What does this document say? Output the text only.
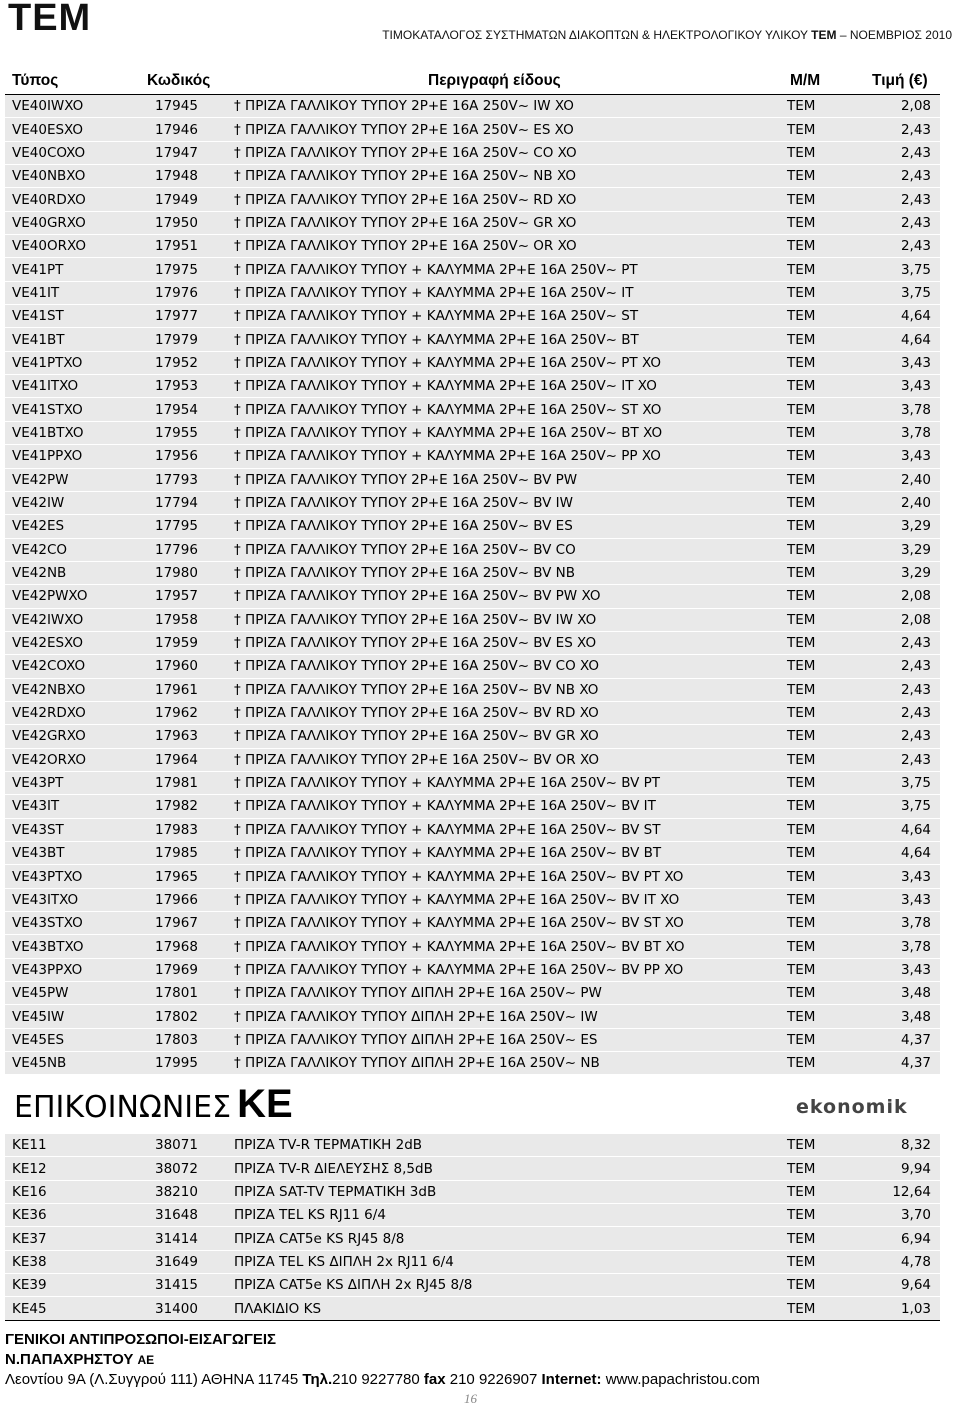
TEM	ΤΙΜΟΚΑΤΑΛΟΓΟΣ ΣΥΣΤΗΜΑΤΩΝ ΔΙΑΚΟΠΤΩΝ & ΗΛΕΚΤΡΟΛΟΓΙΚΟΥ ΥΛΙΚΟΥ TEM – ΝΟΕΜΒΡΙΟΣ 2010
Τύπος	Κωδικός	Περιγραφή είδους	Μ/Μ	Τιμή (€)
VE40IWXO	17945	† ΠΡΙΖΑ ΓΑΛΛΙΚΟΥ ΤΥΠΟΥ 2P+E 16A 250V~ IW XO	TEM	2,08
VE40ESXO	17946	† ΠΡΙΖΑ ΓΑΛΛΙΚΟΥ ΤΥΠΟΥ 2P+E 16A 250V~ ES XO	TEM	2,43
VE40COXO	17947	† ΠΡΙΖΑ ΓΑΛΛΙΚΟΥ ΤΥΠΟΥ 2P+E 16A 250V~ CO XO	TEM	2,43
VE40NBXO	17948	† ΠΡΙΖΑ ΓΑΛΛΙΚΟΥ ΤΥΠΟΥ 2P+E 16A 250V~ NB XO	TEM	2,43
VE40RDXO	17949	† ΠΡΙΖΑ ΓΑΛΛΙΚΟΥ ΤΥΠΟΥ 2P+E 16A 250V~ RD XO	TEM	2,43
VE40GRXO	17950	† ΠΡΙΖΑ ΓΑΛΛΙΚΟΥ ΤΥΠΟΥ 2P+E 16A 250V~ GR XO	TEM	2,43
VE40ORXO	17951	† ΠΡΙΖΑ ΓΑΛΛΙΚΟΥ ΤΥΠΟΥ 2P+E 16A 250V~ OR XO	TEM	2,43
VE41PT	17975	† ΠΡΙΖΑ ΓΑΛΛΙΚΟΥ ΤΥΠΟΥ + ΚΑΛΥΜΜΑ 2P+E 16A 250V~ PT	TEM	3,75
VE41IT	17976	† ΠΡΙΖΑ ΓΑΛΛΙΚΟΥ ΤΥΠΟΥ + ΚΑΛΥΜΜΑ 2P+E 16A 250V~ IT	TEM	3,75
VE41ST	17977	† ΠΡΙΖΑ ΓΑΛΛΙΚΟΥ ΤΥΠΟΥ + ΚΑΛΥΜΜΑ 2P+E 16A 250V~ ST	TEM	4,64
VE41BT	17979	† ΠΡΙΖΑ ΓΑΛΛΙΚΟΥ ΤΥΠΟΥ + ΚΑΛΥΜΜΑ 2P+E 16A 250V~ BT	TEM	4,64
VE41PTXO	17952	† ΠΡΙΖΑ ΓΑΛΛΙΚΟΥ ΤΥΠΟΥ + ΚΑΛΥΜΜΑ 2P+E 16A 250V~ PT XO	TEM	3,43
VE41ITXO	17953	† ΠΡΙΖΑ ΓΑΛΛΙΚΟΥ ΤΥΠΟΥ + ΚΑΛΥΜΜΑ 2P+E 16A 250V~ IT XO	TEM	3,43
VE41STXO	17954	† ΠΡΙΖΑ ΓΑΛΛΙΚΟΥ ΤΥΠΟΥ + ΚΑΛΥΜΜΑ 2P+E 16A 250V~ ST XO	TEM	3,78
VE41BTXO	17955	† ΠΡΙΖΑ ΓΑΛΛΙΚΟΥ ΤΥΠΟΥ + ΚΑΛΥΜΜΑ 2P+E 16A 250V~ BT XO	TEM	3,78
VE41PPXO	17956	† ΠΡΙΖΑ ΓΑΛΛΙΚΟΥ ΤΥΠΟΥ + ΚΑΛΥΜΜΑ 2P+E 16A 250V~ PP XO	TEM	3,43
VE42PW	17793	† ΠΡΙΖΑ ΓΑΛΛΙΚΟΥ ΤΥΠΟΥ 2P+E 16A 250V~ BV PW	TEM	2,40
VE42IW	17794	† ΠΡΙΖΑ ΓΑΛΛΙΚΟΥ ΤΥΠΟΥ 2P+E 16A 250V~ BV IW	TEM	2,40
VE42ES	17795	† ΠΡΙΖΑ ΓΑΛΛΙΚΟΥ ΤΥΠΟΥ 2P+E 16A 250V~ BV ES	TEM	3,29
VE42CO	17796	† ΠΡΙΖΑ ΓΑΛΛΙΚΟΥ ΤΥΠΟΥ 2P+E 16A 250V~ BV CO	TEM	3,29
VE42NB	17980	† ΠΡΙΖΑ ΓΑΛΛΙΚΟΥ ΤΥΠΟΥ 2P+E 16A 250V~ BV NB	TEM	3,29
VE42PWXO	17957	† ΠΡΙΖΑ ΓΑΛΛΙΚΟΥ ΤΥΠΟΥ 2P+E 16A 250V~ BV PW XO	TEM	2,08
VE42IWXO	17958	† ΠΡΙΖΑ ΓΑΛΛΙΚΟΥ ΤΥΠΟΥ 2P+E 16A 250V~ BV IW XO	TEM	2,08
VE42ESXO	17959	† ΠΡΙΖΑ ΓΑΛΛΙΚΟΥ ΤΥΠΟΥ 2P+E 16A 250V~ BV ES XO	TEM	2,43
VE42COXO	17960	† ΠΡΙΖΑ ΓΑΛΛΙΚΟΥ ΤΥΠΟΥ 2P+E 16A 250V~ BV CO XO	TEM	2,43
VE42NBXO	17961	† ΠΡΙΖΑ ΓΑΛΛΙΚΟΥ ΤΥΠΟΥ 2P+E 16A 250V~ BV NB XO	TEM	2,43
VE42RDXO	17962	† ΠΡΙΖΑ ΓΑΛΛΙΚΟΥ ΤΥΠΟΥ 2P+E 16A 250V~ BV RD XO	TEM	2,43
VE42GRXO	17963	† ΠΡΙΖΑ ΓΑΛΛΙΚΟΥ ΤΥΠΟΥ 2P+E 16A 250V~ BV GR XO	TEM	2,43
VE42ORXO	17964	† ΠΡΙΖΑ ΓΑΛΛΙΚΟΥ ΤΥΠΟΥ 2P+E 16A 250V~ BV OR XO	TEM	2,43
VE43PT	17981	† ΠΡΙΖΑ ΓΑΛΛΙΚΟΥ ΤΥΠΟΥ + ΚΑΛΥΜΜΑ 2P+E 16A 250V~ BV PT	TEM	3,75
VE43IT	17982	† ΠΡΙΖΑ ΓΑΛΛΙΚΟΥ ΤΥΠΟΥ + ΚΑΛΥΜΜΑ 2P+E 16A 250V~ BV IT	TEM	3,75
VE43ST	17983	† ΠΡΙΖΑ ΓΑΛΛΙΚΟΥ ΤΥΠΟΥ + ΚΑΛΥΜΜΑ 2P+E 16A 250V~ BV ST	TEM	4,64
VE43BT	17985	† ΠΡΙΖΑ ΓΑΛΛΙΚΟΥ ΤΥΠΟΥ + ΚΑΛΥΜΜΑ 2P+E 16A 250V~ BV BT	TEM	4,64
VE43PTXO	17965	† ΠΡΙΖΑ ΓΑΛΛΙΚΟΥ ΤΥΠΟΥ + ΚΑΛΥΜΜΑ 2P+E 16A 250V~ BV PT XO	TEM	3,43
VE43ITXO	17966	† ΠΡΙΖΑ ΓΑΛΛΙΚΟΥ ΤΥΠΟΥ + ΚΑΛΥΜΜΑ 2P+E 16A 250V~ BV IT XO	TEM	3,43
VE43STXO	17967	† ΠΡΙΖΑ ΓΑΛΛΙΚΟΥ ΤΥΠΟΥ + ΚΑΛΥΜΜΑ 2P+E 16A 250V~ BV ST XO	TEM	3,78
VE43BTXO	17968	† ΠΡΙΖΑ ΓΑΛΛΙΚΟΥ ΤΥΠΟΥ + ΚΑΛΥΜΜΑ 2P+E 16A 250V~ BV BT XO	TEM	3,78
VE43PPXO	17969	† ΠΡΙΖΑ ΓΑΛΛΙΚΟΥ ΤΥΠΟΥ + ΚΑΛΥΜΜΑ 2P+E 16A 250V~ BV PP XO	TEM	3,43
VE45PW	17801	† ΠΡΙΖΑ ΓΑΛΛΙΚΟΥ ΤΥΠΟΥ ΔΙΠΛΗ 2P+E 16A 250V~ PW	TEM	3,48
VE45IW	17802	† ΠΡΙΖΑ ΓΑΛΛΙΚΟΥ ΤΥΠΟΥ ΔΙΠΛΗ 2P+E 16A 250V~ IW	TEM	3,48
VE45ES	17803	† ΠΡΙΖΑ ΓΑΛΛΙΚΟΥ ΤΥΠΟΥ ΔΙΠΛΗ 2P+E 16A 250V~ ES	TEM	4,37
VE45NB	17995	† ΠΡΙΖΑ ΓΑΛΛΙΚΟΥ ΤΥΠΟΥ ΔΙΠΛΗ 2P+E 16A 250V~ NB	TEM	4,37
ΕΠΙΚΟΙΝΩΝΙΕΣ KE	ekonomik
KE11	38071	ΠΡΙΖΑ TV-R ΤΕΡΜΑΤΙΚΗ 2dB	TEM	8,32
KE12	38072	ΠΡΙΖΑ TV-R ΔΙΕΛΕΥΣΗΣ 8,5dB	TEM	9,94
KE16	38210	ΠΡΙΖΑ SAT-TV ΤΕΡΜΑΤΙΚΗ 3dB	TEM	12,64
KE36	31648	ΠΡΙΖΑ TEL KS RJ11 6/4	TEM	3,70
KE37	31414	ΠΡΙΖΑ CAT5e KS RJ45 8/8	TEM	6,94
KE38	31649	ΠΡΙΖΑ TEL KS ΔΙΠΛΗ 2x RJ11 6/4	TEM	4,78
KE39	31415	ΠΡΙΖΑ CAT5e KS ΔΙΠΛΗ 2x RJ45 8/8	TEM	9,64
KE45	31400	ΠΛΑΚΙΔΙΟ KS	TEM	1,03
ΓΕΝΙΚΟΙ ΑΝΤΙΠΡΟΣΩΠΟΙ-ΕΙΣΑΓΩΓΕΙΣ
Ν.ΠΑΠΑΧΡΗΣΤΟΥ ΑΕ
Λεοντίου 9Α (Λ.Συγγρού 111) ΑΘΗΝΑ 11745 Τηλ.210 9227780 fax 210 9226907 Internet: www.papachristou.com
16
